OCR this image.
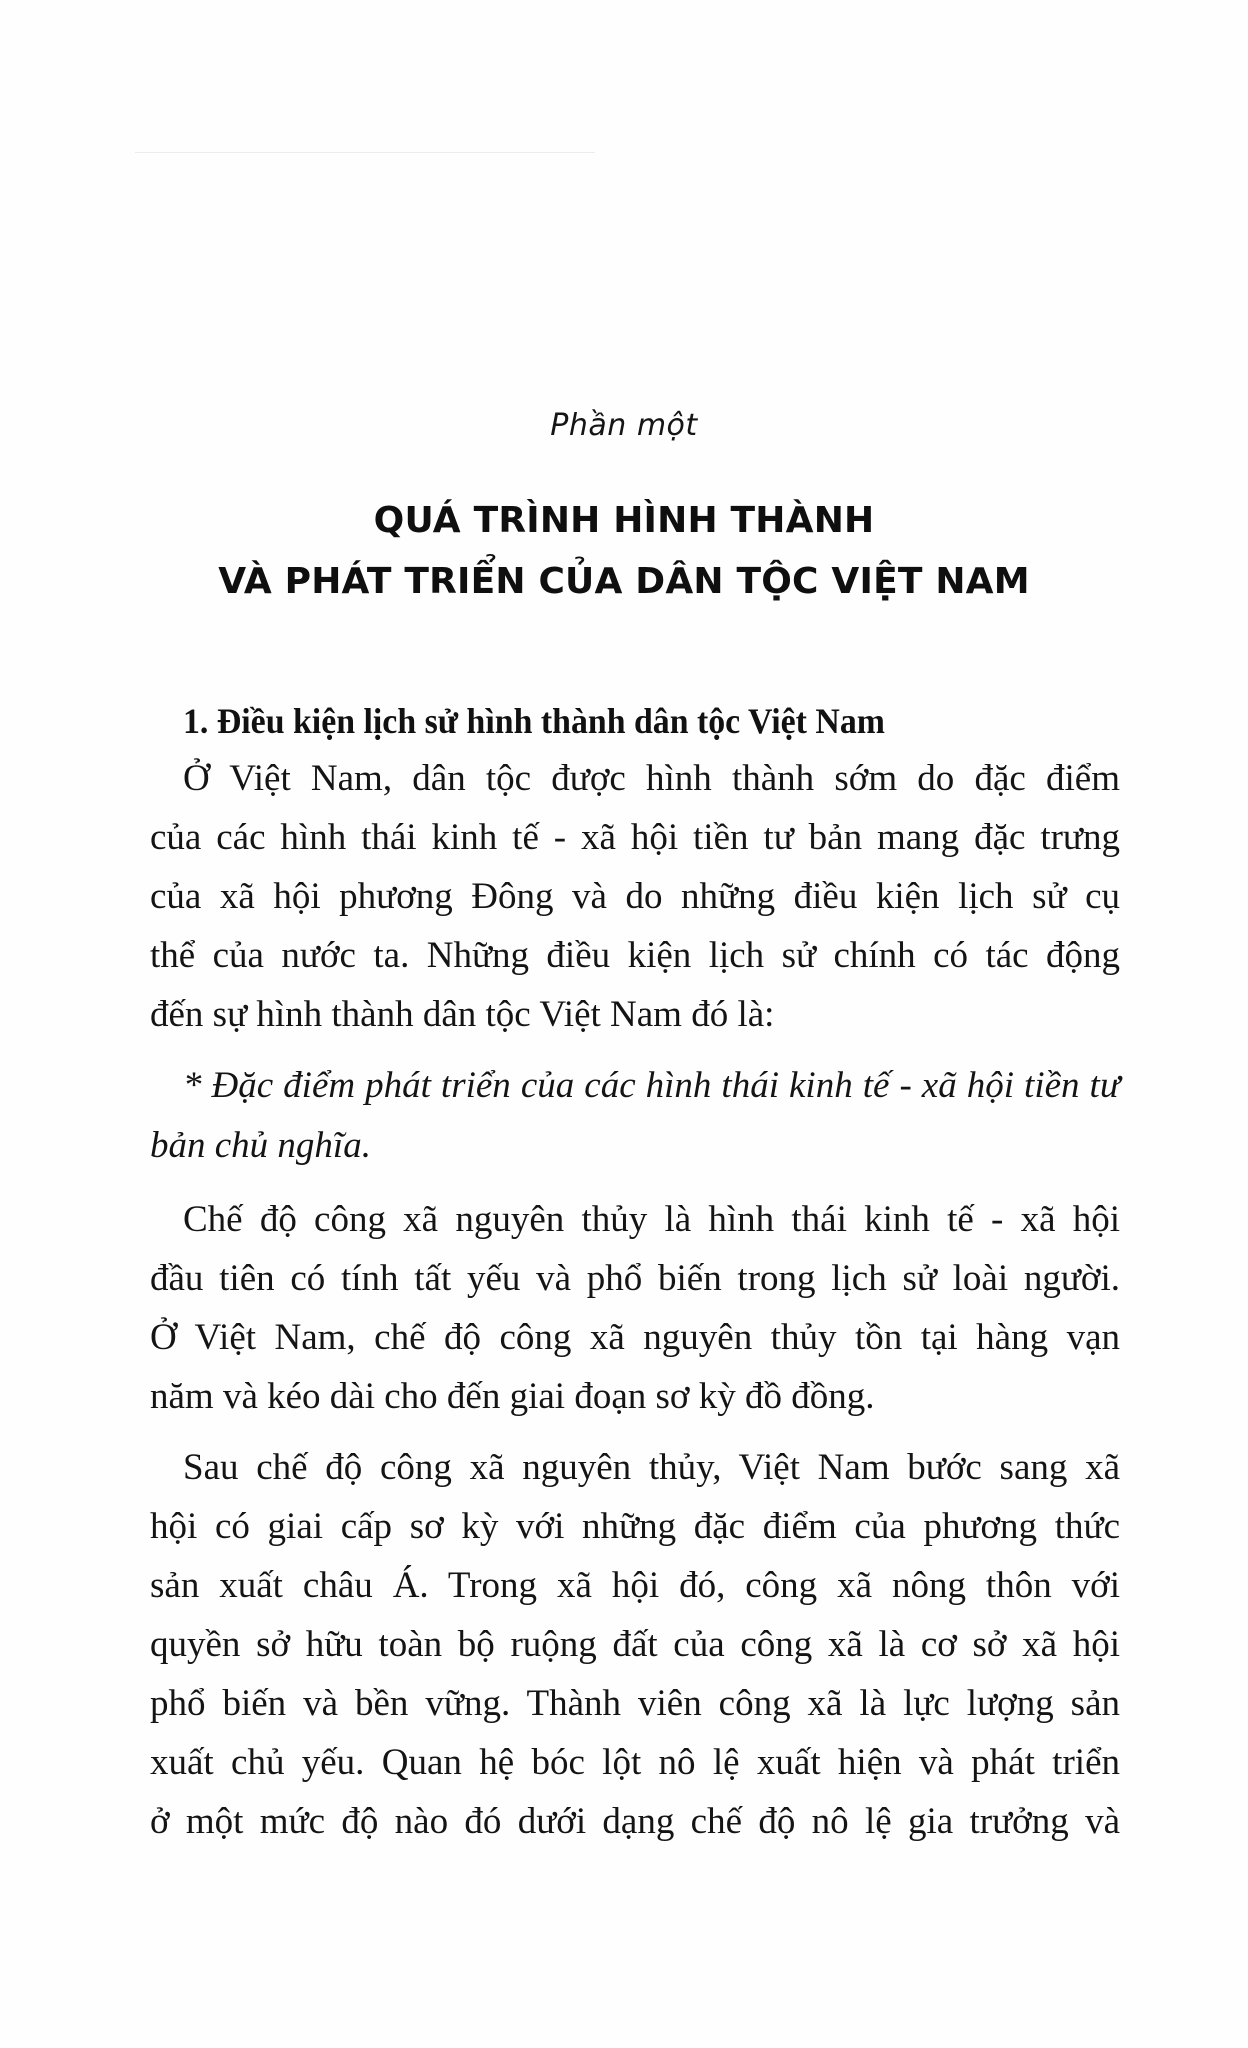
Phần một
QUÁ TRÌNH HÌNH THÀNH
VÀ PHÁT TRIỂN CỦA DÂN TỘC VIỆT NAM
1. Điều kiện lịch sử hình thành dân tộc Việt Nam
Ở Việt Nam, dân tộc được hình thành sớm do đặc điểm
của các hình thái kinh tế - xã hội tiền tư bản mang đặc trưng
của xã hội phương Đông và do những điều kiện lịch sử cụ
thể của nước ta. Những điều kiện lịch sử chính có tác động
đến sự hình thành dân tộc Việt Nam đó là:
* Đặc điểm phát triển của các hình thái kinh tế - xã hội tiền tư
bản chủ nghĩa.
Chế độ công xã nguyên thủy là hình thái kinh tế - xã hội
đầu tiên có tính tất yếu và phổ biến trong lịch sử loài người.
Ở Việt Nam, chế độ công xã nguyên thủy tồn tại hàng vạn
năm và kéo dài cho đến giai đoạn sơ kỳ đồ đồng.
Sau chế độ công xã nguyên thủy, Việt Nam bước sang xã
hội có giai cấp sơ kỳ với những đặc điểm của phương thức
sản xuất châu Á. Trong xã hội đó, công xã nông thôn với
quyền sở hữu toàn bộ ruộng đất của công xã là cơ sở xã hội
phổ biến và bền vững. Thành viên công xã là lực lượng sản
xuất chủ yếu. Quan hệ bóc lột nô lệ xuất hiện và phát triển
ở một mức độ nào đó dưới dạng chế độ nô lệ gia trưởng và
